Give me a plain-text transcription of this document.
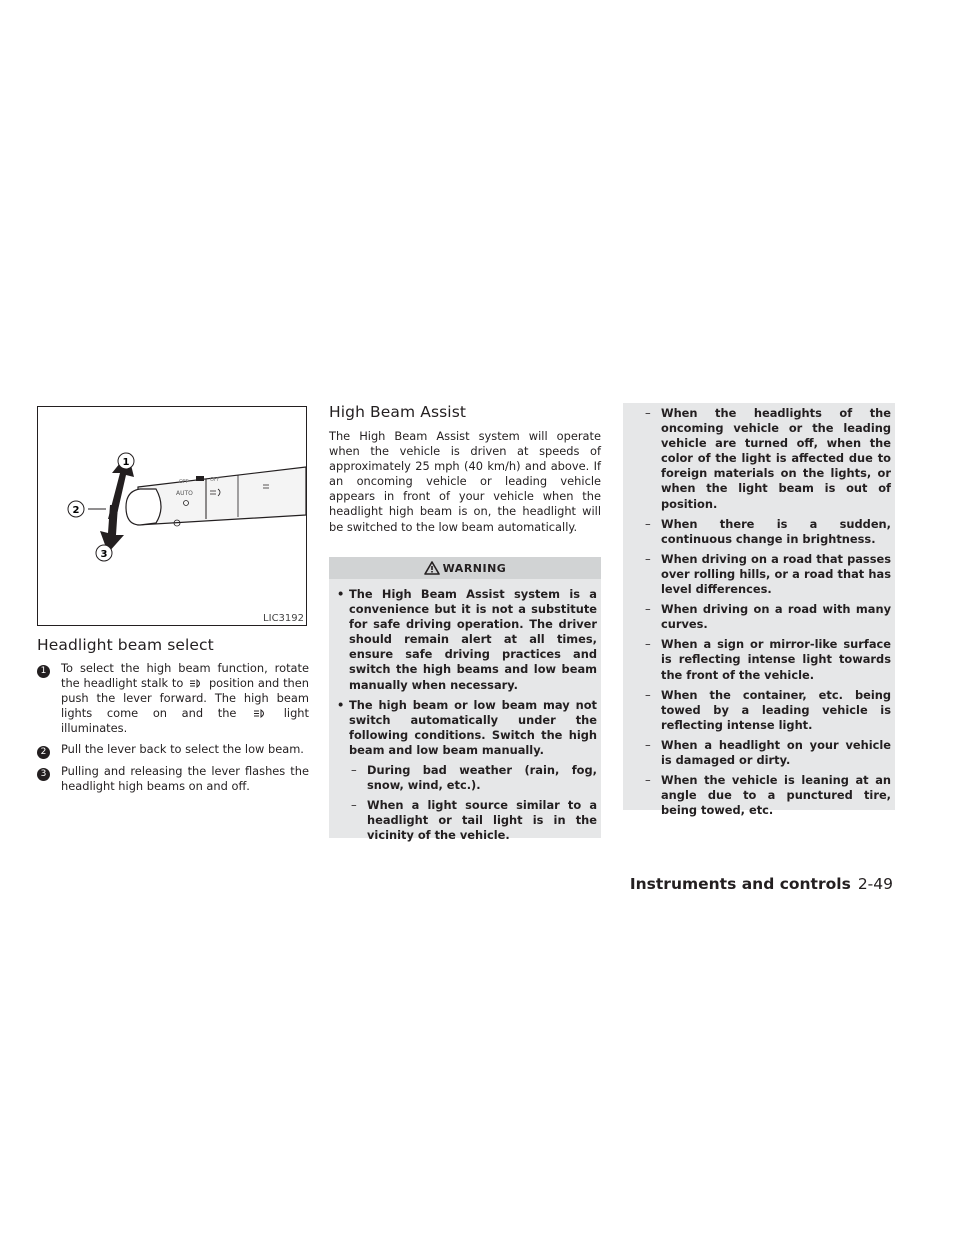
AUTO
OFF	OFF
1
2
3
LIC3192
Headlight beam select
1	To select the high beam function, rotate the headlight stalk to position and then push the lever forward. The high beam lights come on and the	light illuminates.
2	Pull the lever back to select the low beam.
3	Pulling and releasing the lever flashes the headlight high beams on and off.
High Beam Assist
The High Beam Assist system will operate when the vehicle is driven at speeds of approximately 25 mph (40 km/h) and above. If an oncoming vehicle or leading vehicle appears in front of your vehicle when the headlight high beam is on, the headlight will be switched to the low beam automatically.
WARNING
• The High Beam Assist system is a convenience but it is not a substitute for safe driving operation. The driver should remain alert at all times, ensure safe driving practices and switch the high beams and low beam manually when necessary.
• The high beam or low beam may not switch automatically under the following conditions. Switch the high beam and low beam manually.
– During bad weather (rain, fog, snow, wind, etc.).
– When a light source similar to a headlight or tail light is in the vicinity of the vehicle.
– When the headlights of the oncoming vehicle or the leading vehicle are turned off, when the color of the light is affected due to foreign materials on the lights, or when the light beam is out of position.
– When there is a sudden, continuous change in brightness.
– When driving on a road that passes over rolling hills, or a road that has level differences.
– When driving on a road with many curves.
– When a sign or mirror-like surface is reflecting intense light towards the front of the vehicle.
– When the container, etc. being towed by a leading vehicle is reflecting intense light.
– When a headlight on your vehicle is damaged or dirty.
– When the vehicle is leaning at an angle due to a punctured tire, being towed, etc.
Instruments and controls 2-49
